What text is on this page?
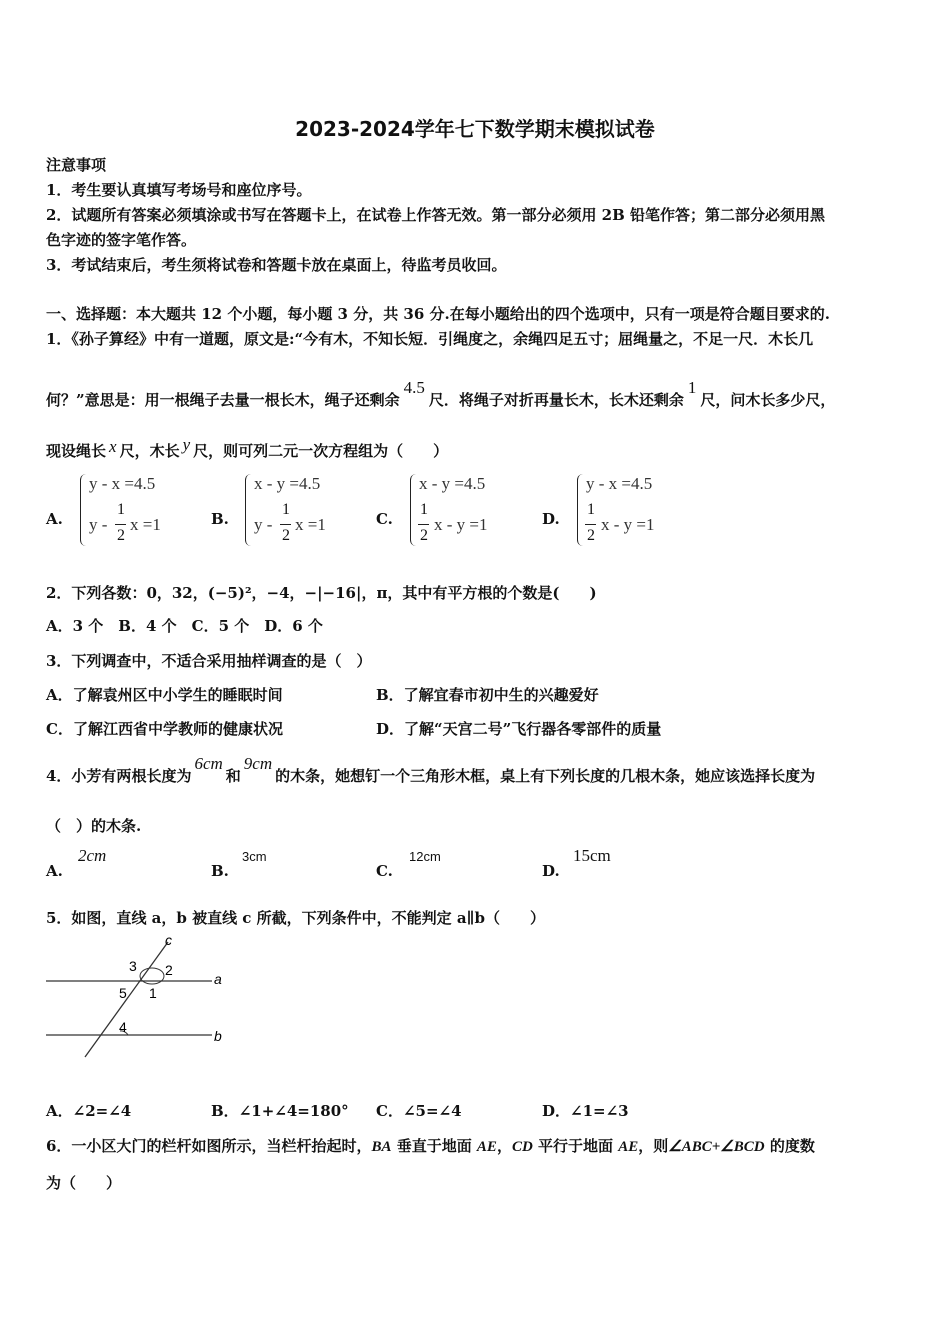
2023-2024学年七下数学期末模拟试卷
注意事项
1．考生要认真填写考场号和座位序号。
2．试题所有答案必须填涂或书写在答题卡上，在试卷上作答无效。第一部分必须用 2B 铅笔作答；第二部分必须用黑
色字迹的签字笔作答。
3．考试结束后，考生须将试卷和答题卡放在桌面上，待监考员收回。
一、选择题：本大题共 12 个小题，每小题 3 分，共 36 分.在每小题给出的四个选项中，只有一项是符合题目要求的.
1．《孙子算经》中有一道题，原文是:“今有木，不知长短．引绳度之，余绳四足五寸；屈绳量之，不足一尺．木长几
何？”意思是：用一根绳子去量一根长木，绳子还剩余4.5尺．将绳子对折再量长木，长木还剩余1尺，问木长多少尺，
现设绳长 x 尺，木长 y 尺，则可列二元一次方程组为（　　）
A.
y - x =4.5
y -
1
2
x =1	B.
x - y =4.5
y -
1
2
x =1	C.
x - y =4.5
1
2
x - y =1	D.
y - x =4.5
1
2
x - y =1
2．下列各数：0，32，(−5)²，−4，−|−16|，π，其中有平方根的个数是(　　)
A．3 个　B．4 个　C．5 个　D．6 个
3．下列调查中，不适合采用抽样调查的是（　）
A．了解袁州区中小学生的睡眠时间	B．了解宜春市初中生的兴趣爱好
C．了解江西省中学教师的健康状况	D．了解“天宫二号”飞行器各零部件的质量
4．小芳有两根长度为6cm和9cm的木条，她想钉一个三角形木框，桌上有下列长度的几根木条，她应该选择长度为
（　）的木条.
A.
2cm
B.
3cm
C.
12cm
D.
15cm
5．如图，直线 a，b 被直线 c 所截，下列条件中，不能判定 a∥b（　　）
c
a
b
3 2
5 1
4
A．∠2=∠4	B．∠1+∠4=180° C．∠5=∠4	D．∠1=∠3
6．一小区大门的栏杆如图所示，当栏杆抬起时，BA 垂直于地面 AE，CD 平行于地面 AE，则∠ABC+∠BCD 的度数
为（　　）
